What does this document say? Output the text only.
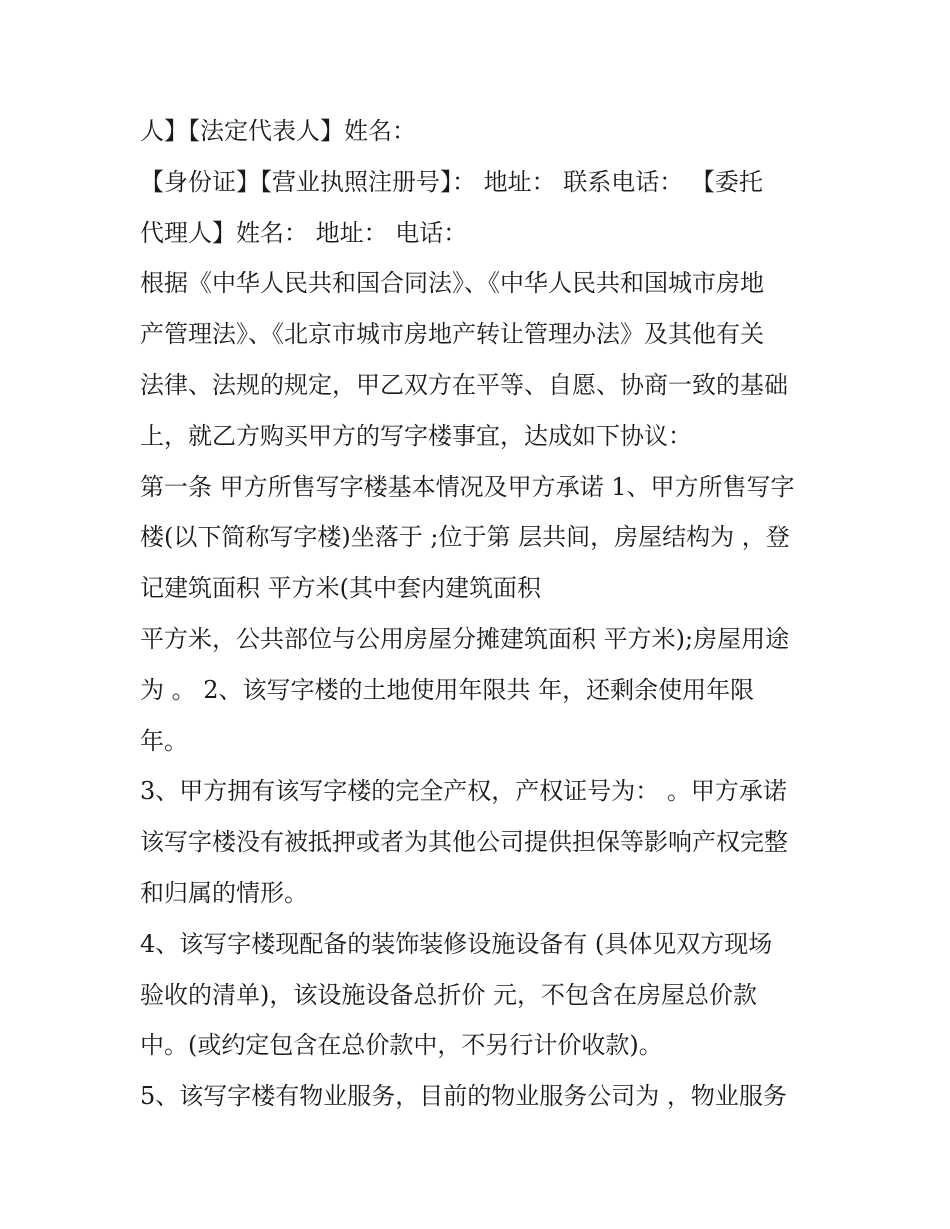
人】【法定代表人】姓名：
【身份证】【营业执照注册号】： 地址： 联系电话： 【委托
代理人】姓名： 地址： 电话：
根据《中华人民共和国合同法》、《中华人民共和国城市房地
产管理法》、《北京市城市房地产转让管理办法》及其他有关
法律、法规的规定，甲乙双方在平等、自愿、协商一致的基础
上，就乙方购买甲方的写字楼事宜，达成如下协议：
第一条 甲方所售写字楼基本情况及甲方承诺 1、甲方所售写字
楼(以下简称写字楼)坐落于 ;位于第 层共间，房屋结构为 ，登
记建筑面积 平方米(其中套内建筑面积
平方米，公共部位与公用房屋分摊建筑面积 平方米);房屋用途
为 。 2、该写字楼的土地使用年限共 年，还剩余使用年限
年。
3、甲方拥有该写字楼的完全产权，产权证号为： 。甲方承诺
该写字楼没有被抵押或者为其他公司提供担保等影响产权完整
和归属的情形。
4、该写字楼现配备的装饰装修设施设备有 (具体见双方现场
验收的清单)，该设施设备总折价 元，不包含在房屋总价款
中。(或约定包含在总价款中，不另行计价收款)。
5、该写字楼有物业服务，目前的物业服务公司为 ，物业服务
